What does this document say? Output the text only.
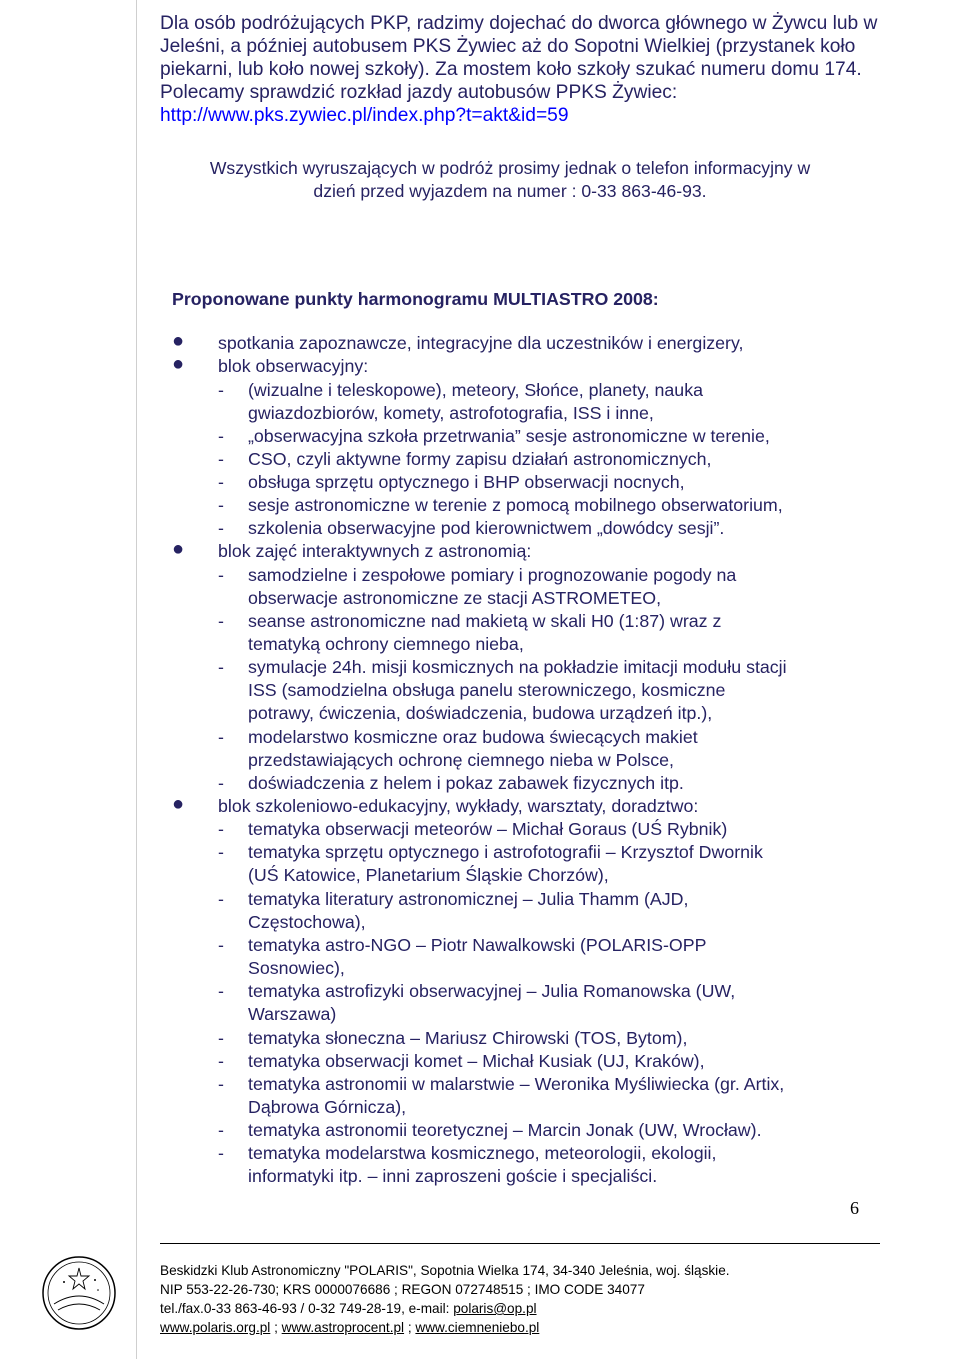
Dla osób podróżujących PKP, radzimy dojechać do dworca głównego w Żywcu lub w Jeleśni, a później autobusem PKS Żywiec aż do Sopotni Wielkiej (przystanek koło piekarni, lub koło nowej szkoły). Za mostem koło szkoły szukać numeru domu 174. Polecamy sprawdzić rozkład jazdy autobusów PPKS Żywiec: http://www.pks.zywiec.pl/index.php?t=akt&id=59

Wszystkich wyruszających w podróż prosimy jednak o telefon informacyjny w
dzień przed wyjazdem na numer : 0-33 863-46-93.
Proponowane punkty harmonogramu MULTIASTRO 2008:
● spotkania zapoznawcze, integracyjne dla uczestników i energizery,
● blok obserwacyjny:
- (wizualne i teleskopowe), meteory, Słońce, planety, nauka
gwiazdozbiorów, komety, astrofotografia, ISS i inne,
- „obserwacyjna szkoła przetrwania” sesje astronomiczne w terenie,
- CSO, czyli aktywne formy zapisu działań astronomicznych,
- obsługa sprzętu optycznego i BHP obserwacji nocnych,
- sesje astronomiczne w terenie z pomocą mobilnego obserwatorium,
- szkolenia obserwacyjne pod kierownictwem „dowódcy sesji”.
● blok zajęć interaktywnych z astronomią:
- samodzielne i zespołowe pomiary i prognozowanie pogody na
obserwacje astronomiczne ze stacji ASTROMETEO,
- seanse astronomiczne nad makietą w skali H0 (1:87) wraz z
tematyką ochrony ciemnego nieba,
- symulacje 24h. misji kosmicznych na pokładzie imitacji modułu stacji
ISS (samodzielna obsługa panelu sterowniczego, kosmiczne
potrawy, ćwiczenia, doświadczenia, budowa urządzeń itp.),
- modelarstwo kosmiczne oraz budowa świecących makiet
przedstawiających ochronę ciemnego nieba w Polsce,
- doświadczenia z helem i pokaz zabawek fizycznych itp.
● blok szkoleniowo-edukacyjny, wykłady, warsztaty, doradztwo:
- tematyka obserwacji meteorów – Michał Goraus (UŚ Rybnik)
- tematyka sprzętu optycznego i astrofotografii – Krzysztof Dwornik
(UŚ Katowice, Planetarium Śląskie Chorzów),
- tematyka literatury astronomicznej – Julia Thamm (AJD,
Częstochowa),
- tematyka astro-NGO – Piotr Nawalkowski (POLARIS-OPP
Sosnowiec),
- tematyka astrofizyki obserwacyjnej – Julia Romanowska (UW,
Warszawa)
- tematyka słoneczna – Mariusz Chirowski (TOS, Bytom),
- tematyka obserwacji komet – Michał Kusiak (UJ, Kraków),
- tematyka astronomii w malarstwie – Weronika Myśliwiecka (gr. Artix,
Dąbrowa Górnicza),
- tematyka astronomii teoretycznej – Marcin Jonak (UW, Wrocław).
- tematyka modelarstwa kosmicznego, meteorologii, ekologii,
informatyki itp. – inni zaproszeni goście i specjaliści.
6
Beskidzki Klub Astronomiczny "POLARIS", Sopotnia Wielka 174, 34-340 Jeleśnia, woj. śląskie.
NIP 553-22-26-730; KRS 0000076686 ; REGON 072748515 ; IMO CODE 34077
tel./fax.0-33 863-46-93 / 0-32 749-28-19, e-mail: polaris@op.pl
www.polaris.org.pl ; www.astroprocent.pl ; www.ciemneniebo.pl
